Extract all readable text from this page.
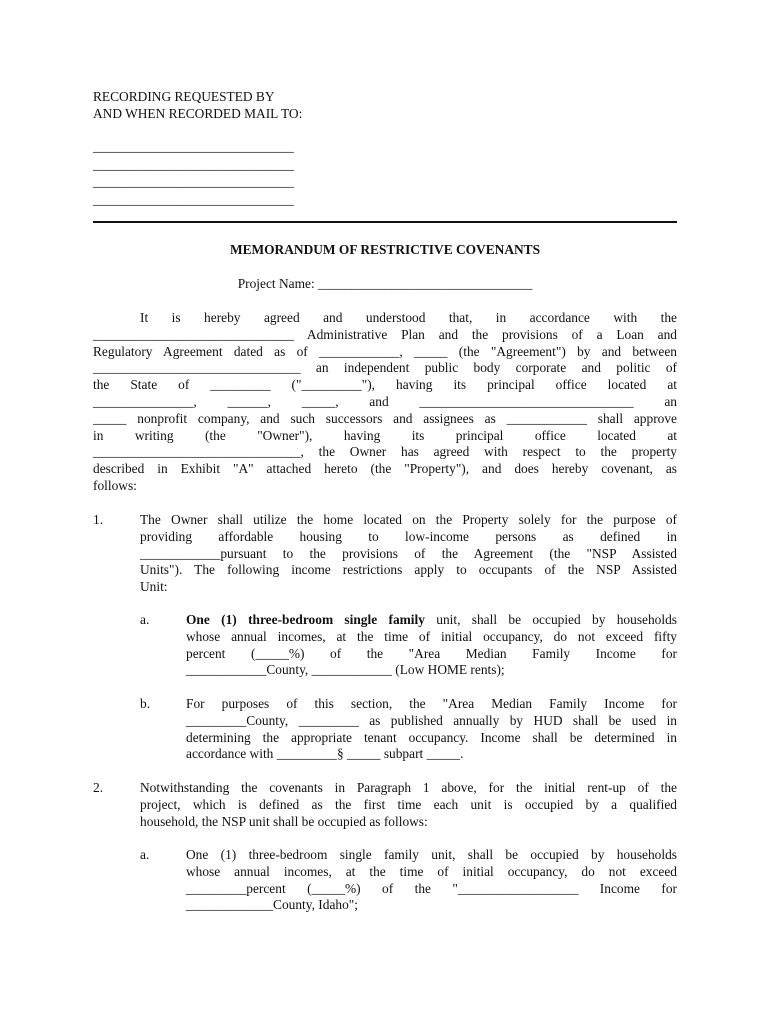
RECORDING REQUESTED BY
AND WHEN RECORDED MAIL TO:
______________________________
______________________________
______________________________
______________________________
MEMORANDUM OF RESTRICTIVE COVENANTS
Project Name: ________________________________
It is hereby agreed and understood that, in accordance with the
______________________________ Administrative Plan and the provisions of a Loan and
Regulatory Agreement dated as of ____________, _____ (the "Agreement") by and between
_______________________________ an independent public body corporate and politic of
the State of _________ ("_________"), having its principal office located at
_______________, ______, _____, and ________________________________ an
_____ nonprofit company, and such successors and assignees as ____________ shall approve
in writing (the "Owner"), having its principal office located at
_______________________________, the Owner has agreed with respect to the property
described in Exhibit "A" attached hereto (the "Property"), and does hereby covenant, as
follows:
1.	The Owner shall utilize the home located on the Property solely for the purpose of
providing affordable housing to low-income persons as defined in
____________pursuant to the provisions of the Agreement (the "NSP Assisted
Units"). The following income restrictions apply to occupants of the NSP Assisted
Unit:
a.	One (1) three-bedroom single family unit, shall be occupied by households
whose annual incomes, at the time of initial occupancy, do not exceed fifty
percent (_____%) of the "Area Median Family Income for
____________County, ____________ (Low HOME rents);
b.	For purposes of this section, the "Area Median Family Income for
_________County, _________ as published annually by HUD shall be used in
determining the appropriate tenant occupancy. Income shall be determined in
accordance with _________§ _____ subpart _____.
2.	Notwithstanding the covenants in Paragraph 1 above, for the initial rent-up of the
project, which is defined as the first time each unit is occupied by a qualified
household, the NSP unit shall be occupied as follows:
a.	One (1) three-bedroom single family unit, shall be occupied by households
whose annual incomes, at the time of initial occupancy, do not exceed
_________percent (_____%) of the "__________________ Income for
_____________County, Idaho";
